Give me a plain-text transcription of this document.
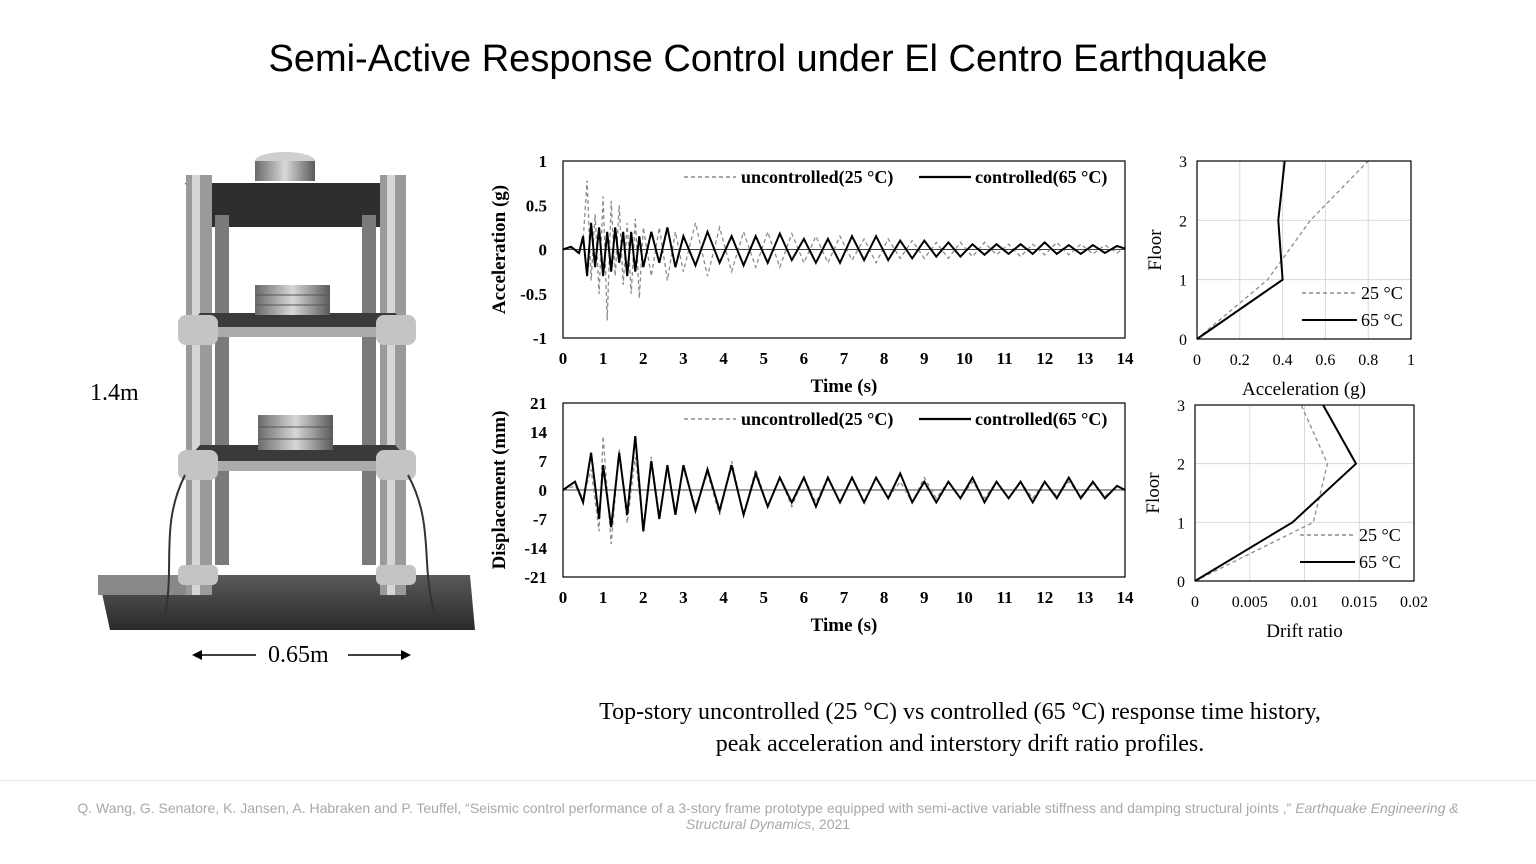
Semi-Active Response Control under El Centro Earthquake
1.4m
0.65m
0 1 2 3 4 5 6 7 8 9 10 11 12 13 14
1
0.5
0
-0.5
-1
Time (s)
Acceleration (g)
uncontrolled(25 °C)	controlled(65 °C)
0 1 2 3 4 5 6 7 8 9 10 11 12 13 14
21
14
7
0
-7
-14
-21
Time (s)
Displacement (mm)	uncontrolled(25 °C)	controlled(65 °C)
0 0.2 0.4 0.6 0.8 1
3
2
1
0
Acceleration (g)
Floor
25 °C
65 °C
0 0.005 0.01 0.015 0.02
3
2
1
0
Drift ratio
Floor
25 °C
65 °C
Top-story uncontrolled (25 °C) vs controlled (65 °C) response time history,
peak acceleration and interstory drift ratio profiles.
Q. Wang, G. Senatore, K. Jansen, A. Habraken and P. Teuffel, “Seismic control performance of a 3-story frame prototype equipped with semi-active variable stiffness and damping structural joints ,” Earthquake Engineering & Structural Dynamics, 2021
